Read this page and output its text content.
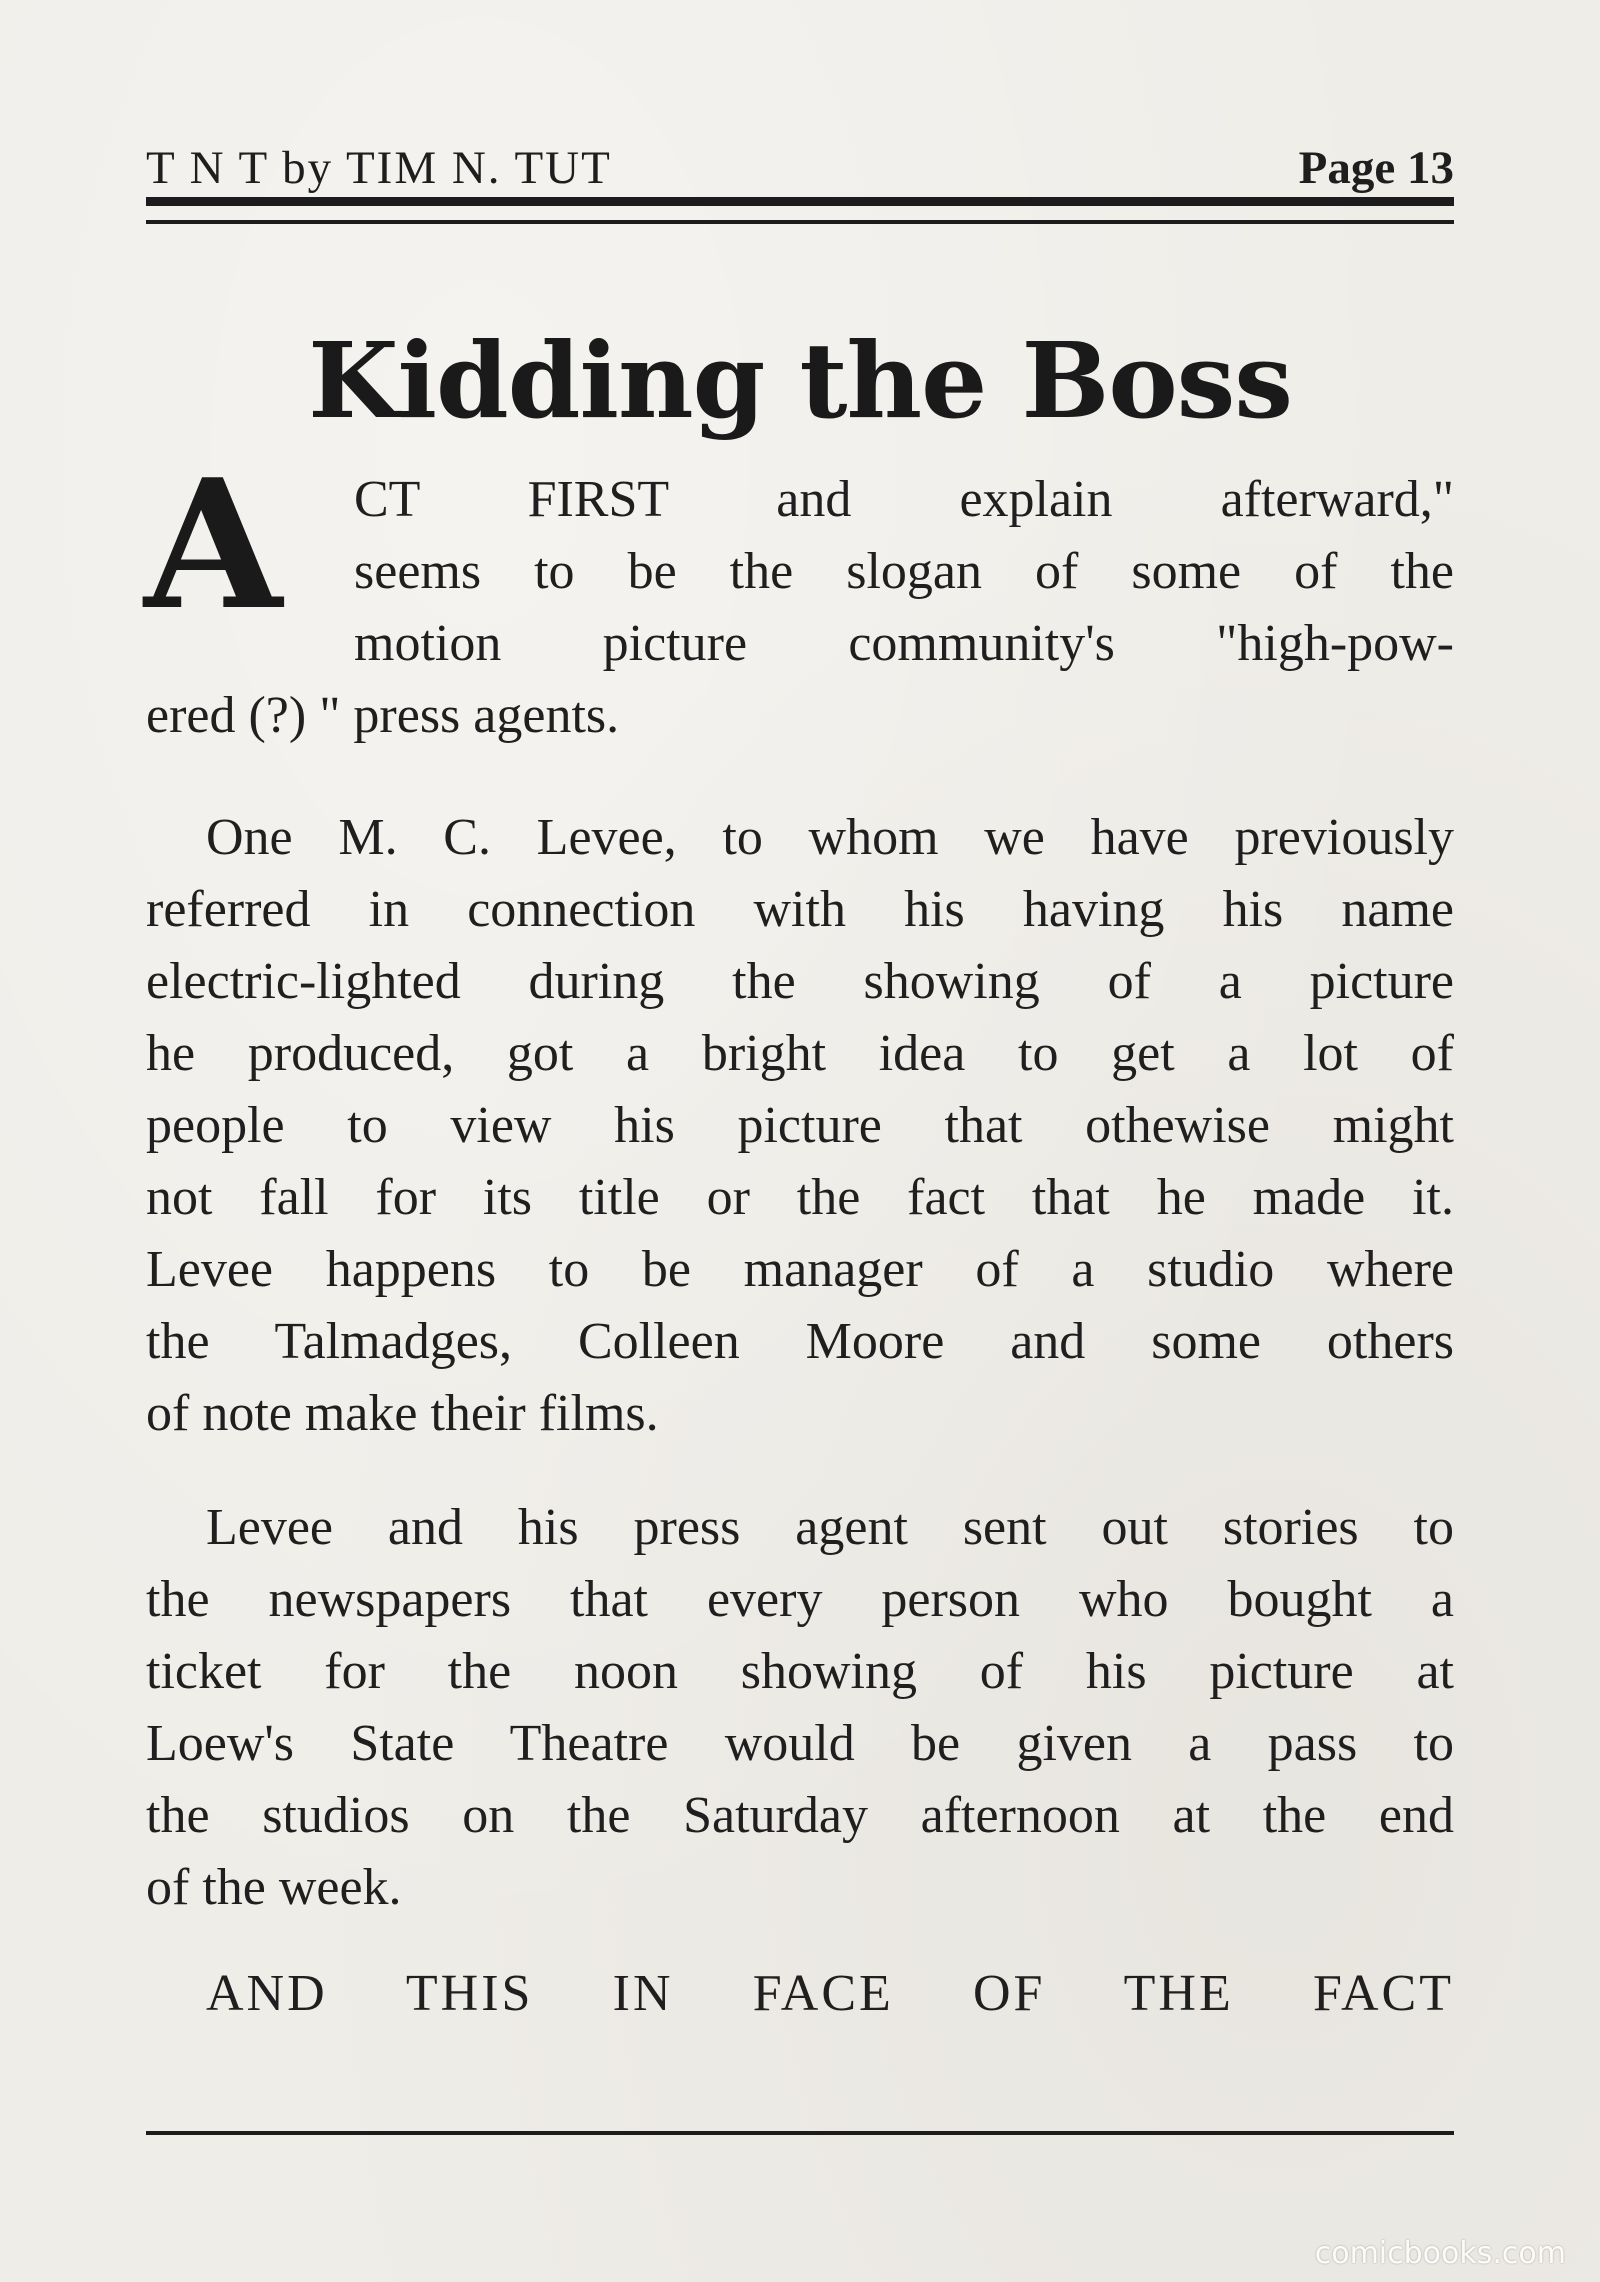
T N T by TIM N. TUT	Page 13
Kidding the Boss
A	CT FIRST and explain afterward,"
seems to be the slogan of some of the
motion picture community's "high-pow-
ered (?) " press agents.
One M. C. Levee, to whom we have previously
referred in connection with his having his name
electric-lighted during the showing of a picture
he produced, got a bright idea to get a lot of
people to view his picture that othewise might
not fall for its title or the fact that he made it.
Levee happens to be manager of a studio where
the Talmadges, Colleen Moore and some others
of note make their films.
Levee and his press agent sent out stories to
the newspapers that every person who bought a
ticket for the noon showing of his picture at
Loew's State Theatre would be given a pass to
the studios on the Saturday afternoon at the end
of the week.
AND THIS IN FACE OF THE FACT
comicbooks.com
